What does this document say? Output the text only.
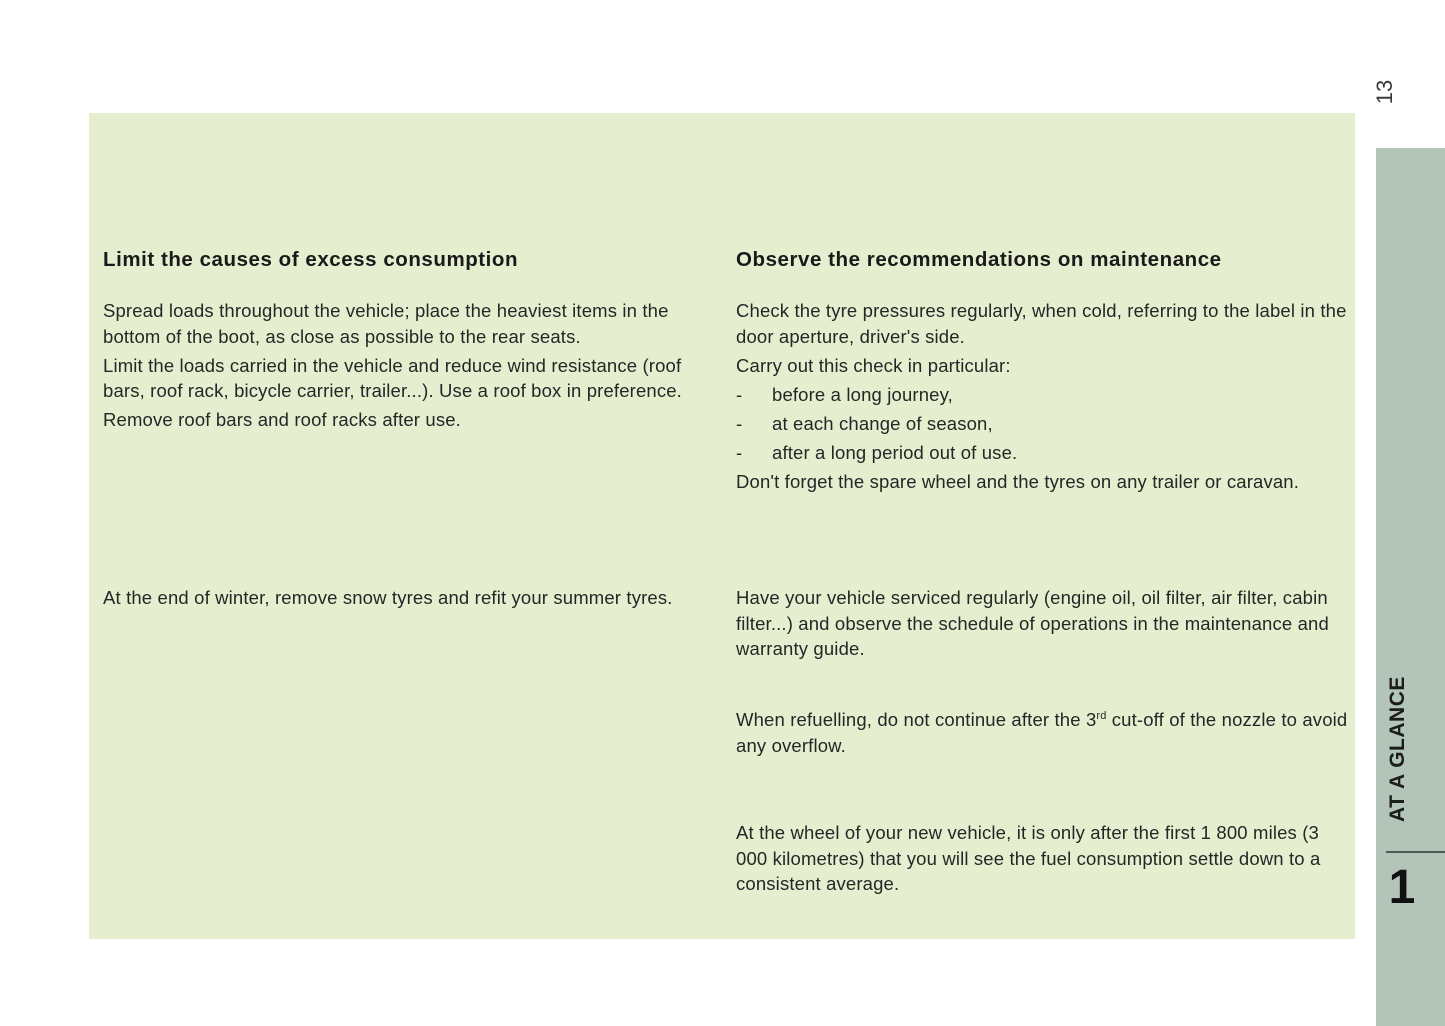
13
AT A GLANCE
1
Limit the causes of excess consumption

Spread loads throughout the vehicle; place the heaviest items in the bottom of the boot, as close as possible to the rear seats.

Limit the loads carried in the vehicle and reduce wind resistance (roof bars, roof rack, bicycle carrier, trailer...). Use a roof box in preference.

Remove roof bars and roof racks after use.

At the end of winter, remove snow tyres and refit your summer tyres.

Observe the recommendations on maintenance

Check the tyre pressures regularly, when cold, referring to the label in the door aperture, driver's side.

Carry out this check in particular:

- before a long journey,
- at each change of season,
- after a long period out of use.

Don't forget the spare wheel and the tyres on any trailer or caravan.

Have your vehicle serviced regularly (engine oil, oil filter, air filter, cabin filter...) and observe the schedule of operations in the maintenance and warranty guide.

When refuelling, do not continue after the 3rd cut-off of the nozzle to avoid any overflow.

At the wheel of your new vehicle, it is only after the first 1 800 miles (3 000 kilometres) that you will see the fuel consumption settle down to a consistent average.
